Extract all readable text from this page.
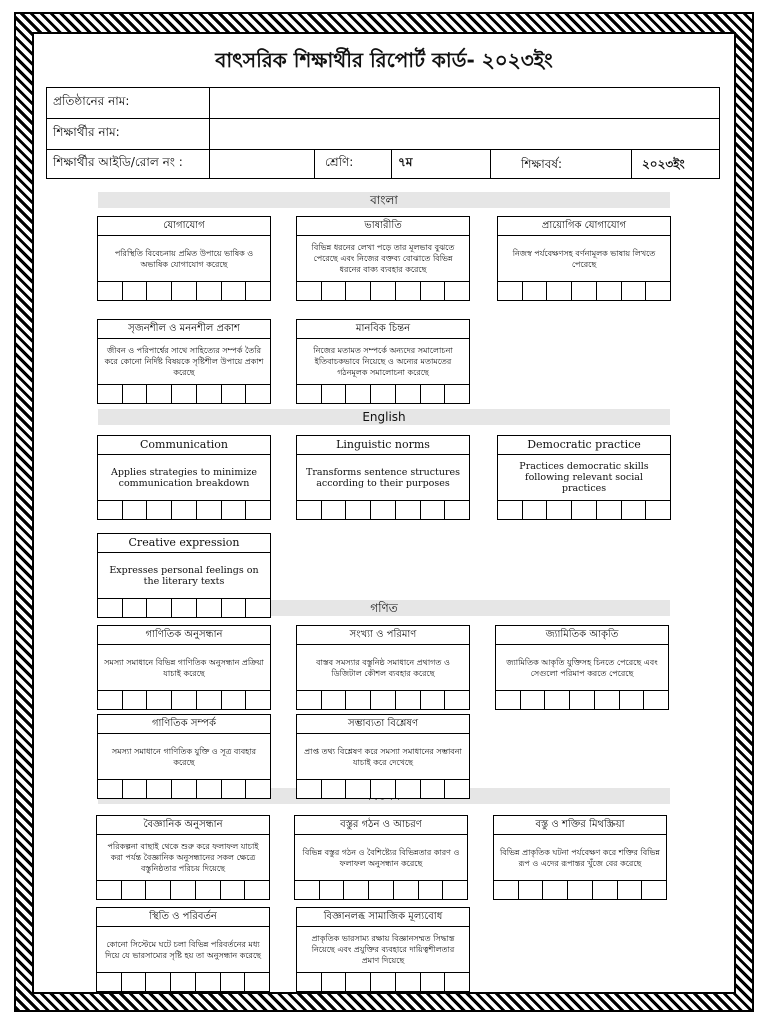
বাৎসরিক শিক্ষার্থীর রিপোর্ট কার্ড- ২০২৩ইং
প্রতিষ্ঠানের নাম:				
শিক্ষার্থীর নাম:				
শিক্ষার্থীর আইডি/রোল নং :		শ্রেণি:	৭ম	শিক্ষাবর্ষ: ২০২৩ইং
বাংলা
English
গণিত
যোগাযোগ
পরিস্থিতি বিবেচনায় প্রমিত উপায়ে ভাষিক ও অভাষিক যোগাযোগ করেছে
ভাষারীতি
বিভিন্ন ধরনের লেখা পড়ে তার মূলভাব বুঝতে পেরেছে এবং নিজের বক্তব্য বোঝাতে বিভিন্ন ধরনের বাক্য ব্যবহার করেছে
প্রায়োগিক যোগাযোগ
নিজস্ব পর্যবেক্ষণসহ বর্ণনামূলক ভাষায় লিখতে পেরেছে
সৃজনশীল ও মননশীল প্রকাশ
জীবন ও পরিপার্শ্বের সাথে সাহিত্যের সম্পর্ক তৈরি করে কোনো নির্দিষ্ট বিষয়কে সৃষ্টিশীল উপায়ে প্রকাশ করেছে
মানবিক চিন্তন
নিজের মতামত সম্পর্কে অন্যদের সমালোচনা ইতিবাচকভাবে নিয়েছে ও অন্যের মতামতের গঠনমূলক সমালোচনা করেছে
Communication
Applies strategies to minimize communication breakdown
Linguistic norms
Transforms sentence structures according to their purposes
Democratic practice
Practices democratic skills following relevant social practices
Creative expression
Expresses personal feelings on the literary texts
গাণিতিক অনুসন্ধান
সমস্যা সমাধানে বিভিন্ন গাণিতিক অনুসন্ধান প্রক্রিয়া যাচাই করেছে
সংখ্যা ও পরিমাণ
বাস্তব সমস্যার বস্তুনিষ্ঠ সমাধানে প্রথাগত ও ডিজিটাল কৌশল ব্যবহার করেছে
জ্যামিতিক আকৃতি
জ্যামিতিক আকৃতি যুক্তিসহ চিনতে পেরেছে এবং সেগুলো পরিমাপ করতে পেরেছে
গাণিতিক সম্পর্ক
সমস্যা সমাধানে গাণিতিক যুক্তি ও সূত্র ব্যবহার করেছে
সম্ভাব্যতা বিশ্লেষণ
প্রাপ্ত তথ্য বিশ্লেষণ করে সমস্যা সমাধানের সম্ভাবনা যাচাই করে দেখেছে
বৈজ্ঞানিক অনুসন্ধান
পরিকল্পনা বাছাই থেকে শুরু করে ফলাফল যাচাই করা পর্যন্ত বৈজ্ঞানিক অনুসন্ধানের সকল ক্ষেত্রে বস্তুনিষ্ঠতার পরিচয় দিয়েছে
বস্তুর গঠন ও আচরণ
বিভিন্ন বস্তুর গঠন ও বৈশিষ্ট্যের বিভিন্নতার কারণ ও ফলাফল অনুসন্ধান করেছে
বস্তু ও শক্তির মিথস্ক্রিয়া
বিভিন্ন প্রাকৃতিক ঘটনা পর্যবেক্ষণ করে শক্তির বিভিন্ন রূপ ও এদের রূপান্তর খুঁজে বের করেছে
স্থিতি ও পরিবর্তন
কোনো সিস্টেমে ঘটে চলা বিভিন্ন পরিবর্তনের মধ্য দিয়ে যে ভারসাম্যের সৃষ্টি হয় তা অনুসন্ধান করেছে
বিজ্ঞানলব্ধ সামাজিক মূল্যবোধ
প্রাকৃতিক ভারসাম্য রক্ষায় বিজ্ঞানসম্মত সিদ্ধান্ত নিয়েছে এবং প্রযুক্তির ব্যবহারে দায়িত্বশীলতার প্রমাণ দিয়েছে
